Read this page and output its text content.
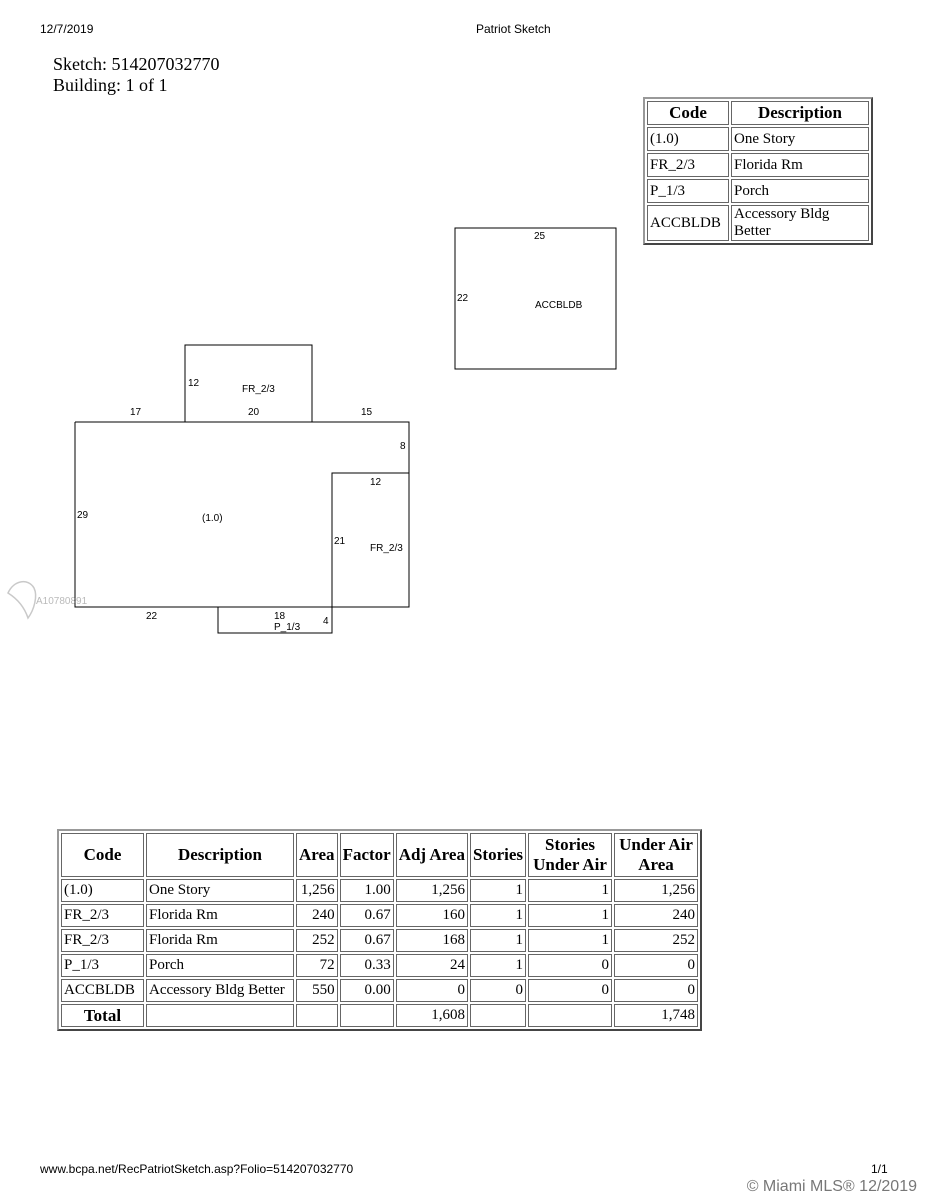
12/7/2019	Patriot Sketch
Sketch: 514207032770
Building: 1 of 1
Code	Description
(1.0)	One Story
FR_2/3	Florida Rm
P_1/3	Porch
ACCBLDB	Accessory Bldg Better
25
22
ACCBLDB
12
FR_2/3
17	20	15
8
29	(1.0)
12
21
FR_2/3
22	18
P_1/3
4
A10780891
Code	Description	Area	Factor	Adj Area	Stories	Stories Under Air	Under Air Area
(1.0)	One Story	1,256	1.00	1,256	1	1	1,256
FR_2/3	Florida Rm	240	0.67	160	1	1	240
FR_2/3	Florida Rm	252	0.67	168	1	1	252
P_1/3	Porch	72	0.33	24	1	0	0
ACCBLDB	Accessory Bldg Better	550	0.00	0	0	0	0
Total				1,608			1,748
www.bcpa.net/RecPatriotSketch.asp?Folio=514207032770	1/1
© Miami MLS® 12/2019
